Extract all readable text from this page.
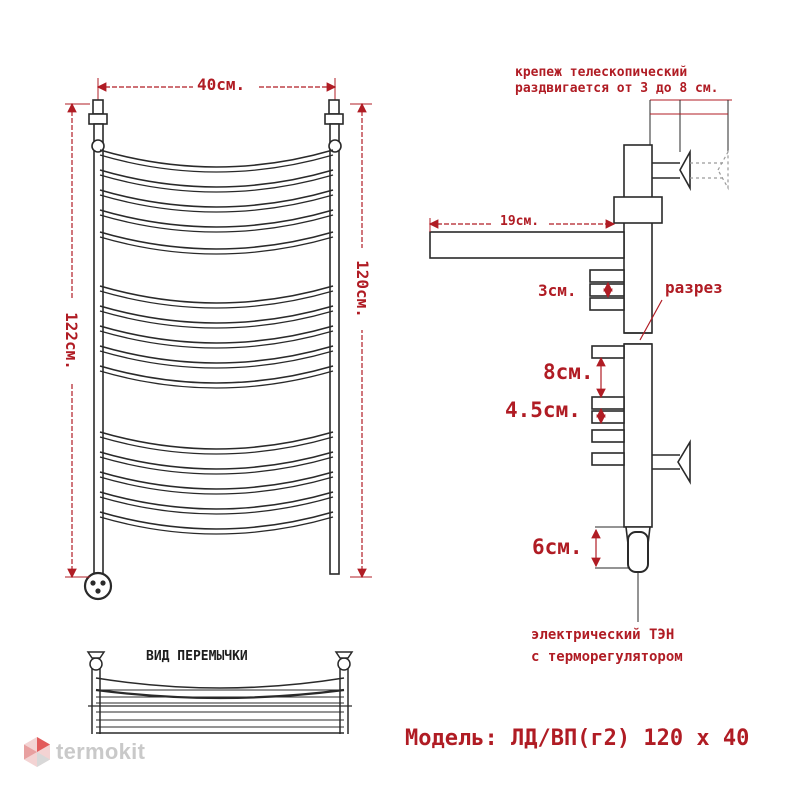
40см.
122см.
120см.
крепеж телескопический
раздвигается от 3 до 8 см.
19см.
3см.	разрез
8см.
4.5см.
6см.
электрический ТЭН
с терморегулятором
ВИД ПЕРЕМЫЧКИ
Модель: ЛД/ВП(г2) 120 х 40
termokit
